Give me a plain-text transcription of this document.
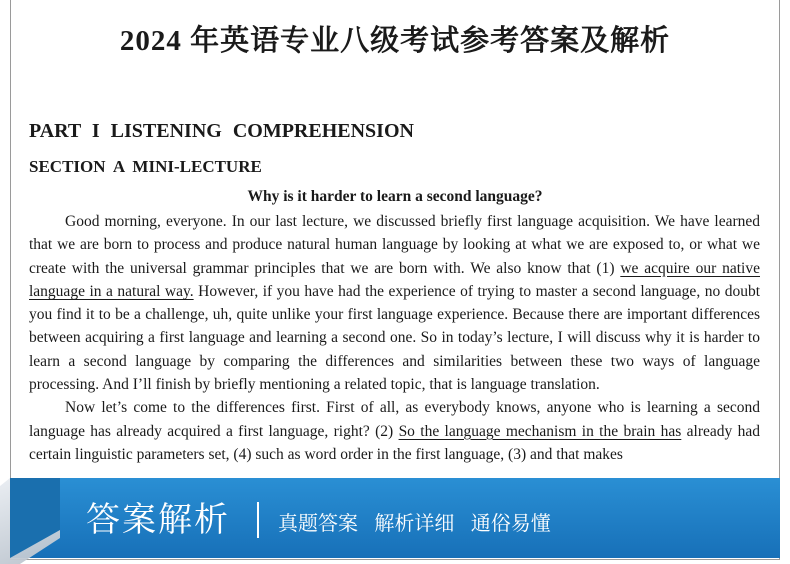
2024 年英语专业八级考试参考答案及解析
PART I LISTENING COMPREHENSION
SECTION A MINI-LECTURE
Why is it harder to learn a second language?

Good morning, everyone. In our last lecture, we discussed briefly first language acquisition. We have learned that we are born to process and produce natural human language by looking at what we are exposed to, or what we create with the universal grammar principles that we are born with. We also know that (1) we acquire our native language in a natural way. However, if you have had the experience of trying to master a second language, no doubt you find it to be a challenge, uh, quite unlike your first language experience. Because there are important differences between acquiring a first language and learning a second one. So in today’s lecture, I will discuss why it is harder to learn a second language by comparing the differences and similarities between these two ways of language processing. And I’ll finish by briefly mentioning a related topic, that is language translation.

Now let’s come to the differences first. First of all, as everybody knows, anyone who is learning a second language has already acquired a first language, right? (2) So the language mechanism in the brain has already had certain linguistic parameters set, (4) such as word order in the first language, (3) and that makes

答案解析 真题答案 解析详细 通俗易懂
